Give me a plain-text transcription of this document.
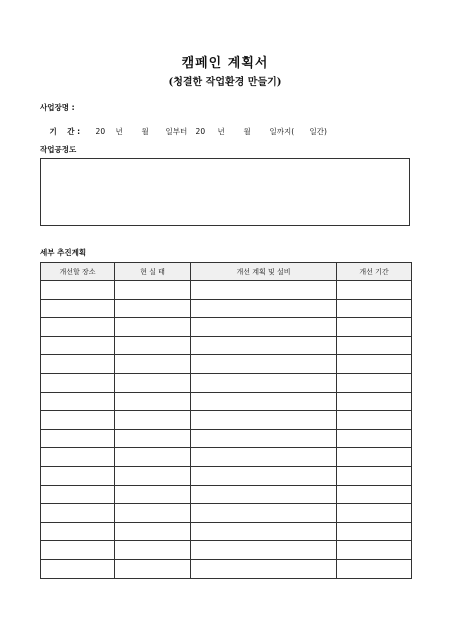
캠페인 계획서
(청결한 작업환경 만들기)
사업장명 :

기    간 : 20 년	월 일부터 20 년	월	일까지( 일간)

작업공정도
세부 추진계획
개선할 장소	현 실 태	개선 계획 및 설비	개선 기간
